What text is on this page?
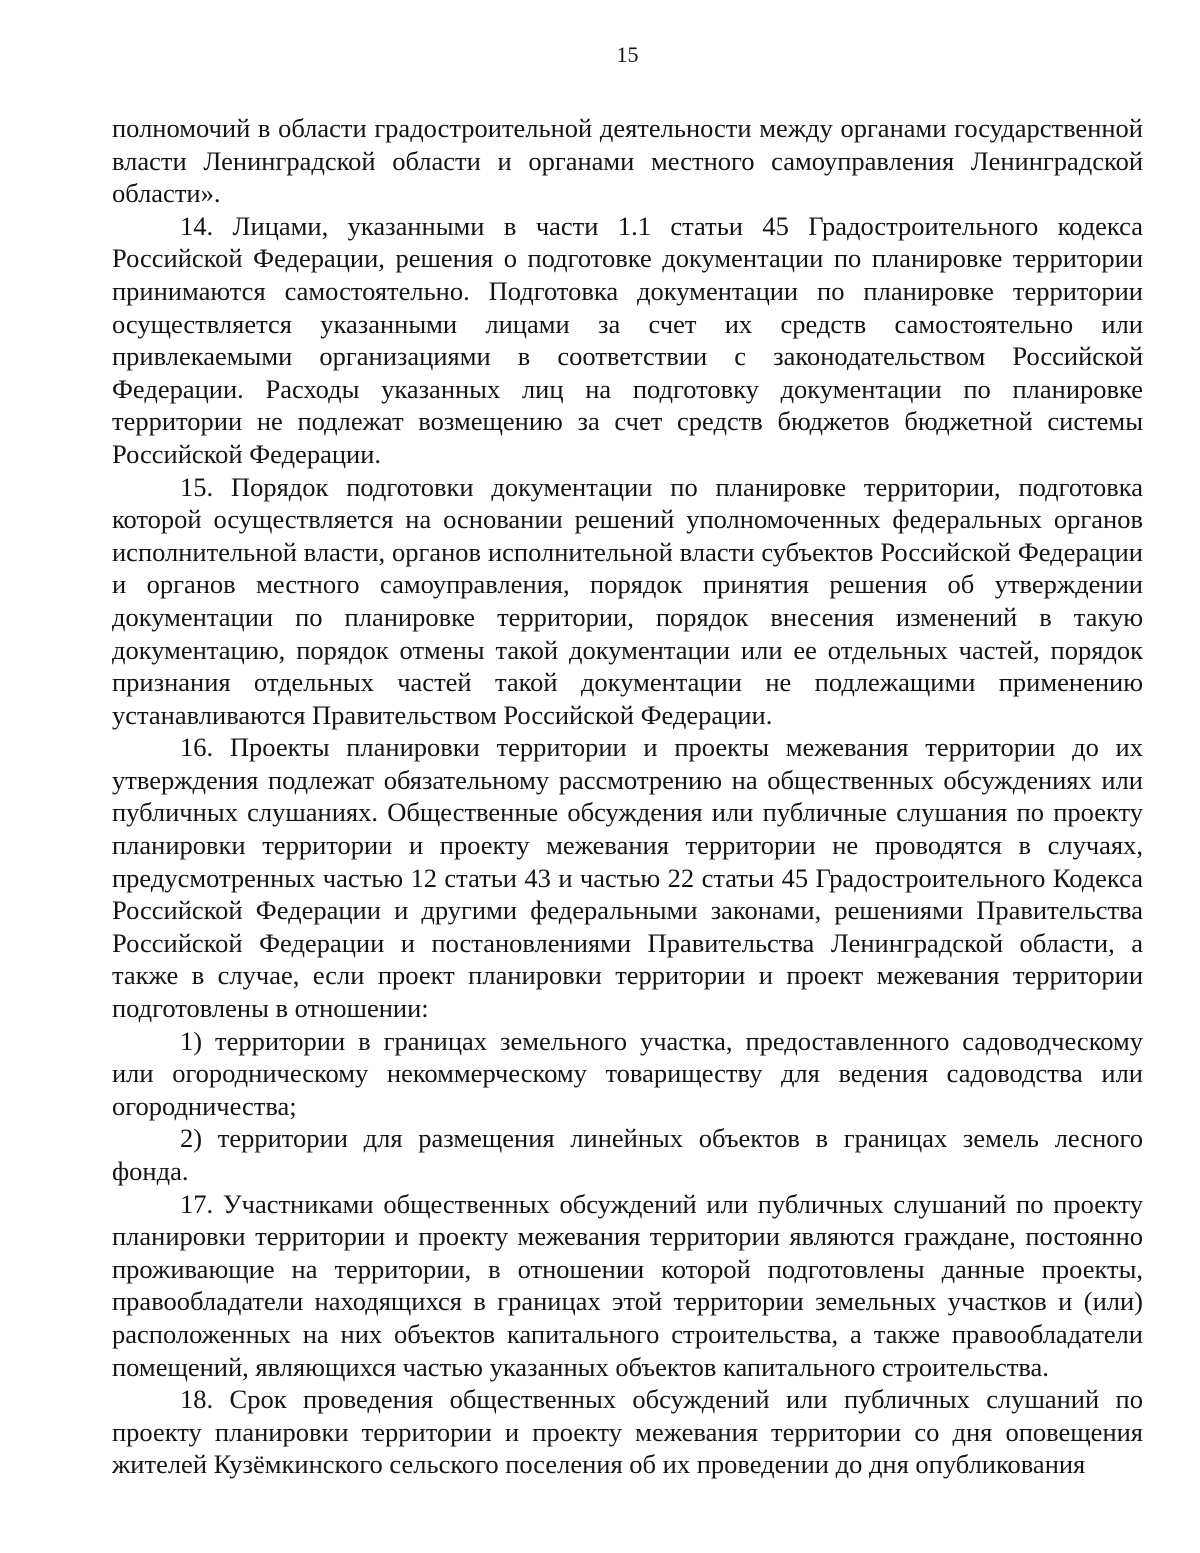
15

полномочий в области градостроительной деятельности между органами государственной власти Ленинградской области и органами местного самоуправления Ленинградской области».

14. Лицами, указанными в части 1.1 статьи 45 Градостроительного кодекса Российской Федерации, решения о подготовке документации по планировке территории принимаются самостоятельно. Подготовка документации по планировке территории осуществляется указанными лицами за счет их средств самостоятельно или привлекаемыми организациями в соответствии с законодательством Российской Федерации. Расходы указанных лиц на подготовку документации по планировке территории не подлежат возмещению за счет средств бюджетов бюджетной системы Российской Федерации.

15. Порядок подготовки документации по планировке территории, подготовка которой осуществляется на основании решений уполномоченных федеральных органов исполнительной власти, органов исполнительной власти субъектов Российской Федерации и органов местного самоуправления, порядок принятия решения об утверждении документации по планировке территории, порядок внесения изменений в такую документацию, порядок отмены такой документации или ее отдельных частей, порядок признания отдельных частей такой документации не подлежащими применению устанавливаются Правительством Российской Федерации.

16. Проекты планировки территории и проекты межевания территории до их утверждения подлежат обязательному рассмотрению на общественных обсуждениях или публичных слушаниях. Общественные обсуждения или публичные слушания по проекту планировки территории и проекту межевания территории не проводятся в случаях, предусмотренных частью 12 статьи 43 и частью 22 статьи 45 Градостроительного Кодекса Российской Федерации и другими федеральными законами, решениями Правительства Российской Федерации и постановлениями Правительства Ленинградской области, а также в случае, если проект планировки территории и проект межевания территории подготовлены в отношении:

1) территории в границах земельного участка, предоставленного садоводческому или огородническому некоммерческому товариществу для ведения садоводства или огородничества;

2) территории для размещения линейных объектов в границах земель лесного фонда.

17. Участниками общественных обсуждений или публичных слушаний по проекту планировки территории и проекту межевания территории являются граждане, постоянно проживающие на территории, в отношении которой подготовлены данные проекты, правообладатели находящихся в границах этой территории земельных участков и (или) расположенных на них объектов капитального строительства, а также правообладатели помещений, являющихся частью указанных объектов капитального строительства.

18. Срок проведения общественных обсуждений или публичных слушаний по проекту планировки территории и проекту межевания территории со дня оповещения жителей Кузёмкинского сельского поселения об их проведении до дня опубликования
